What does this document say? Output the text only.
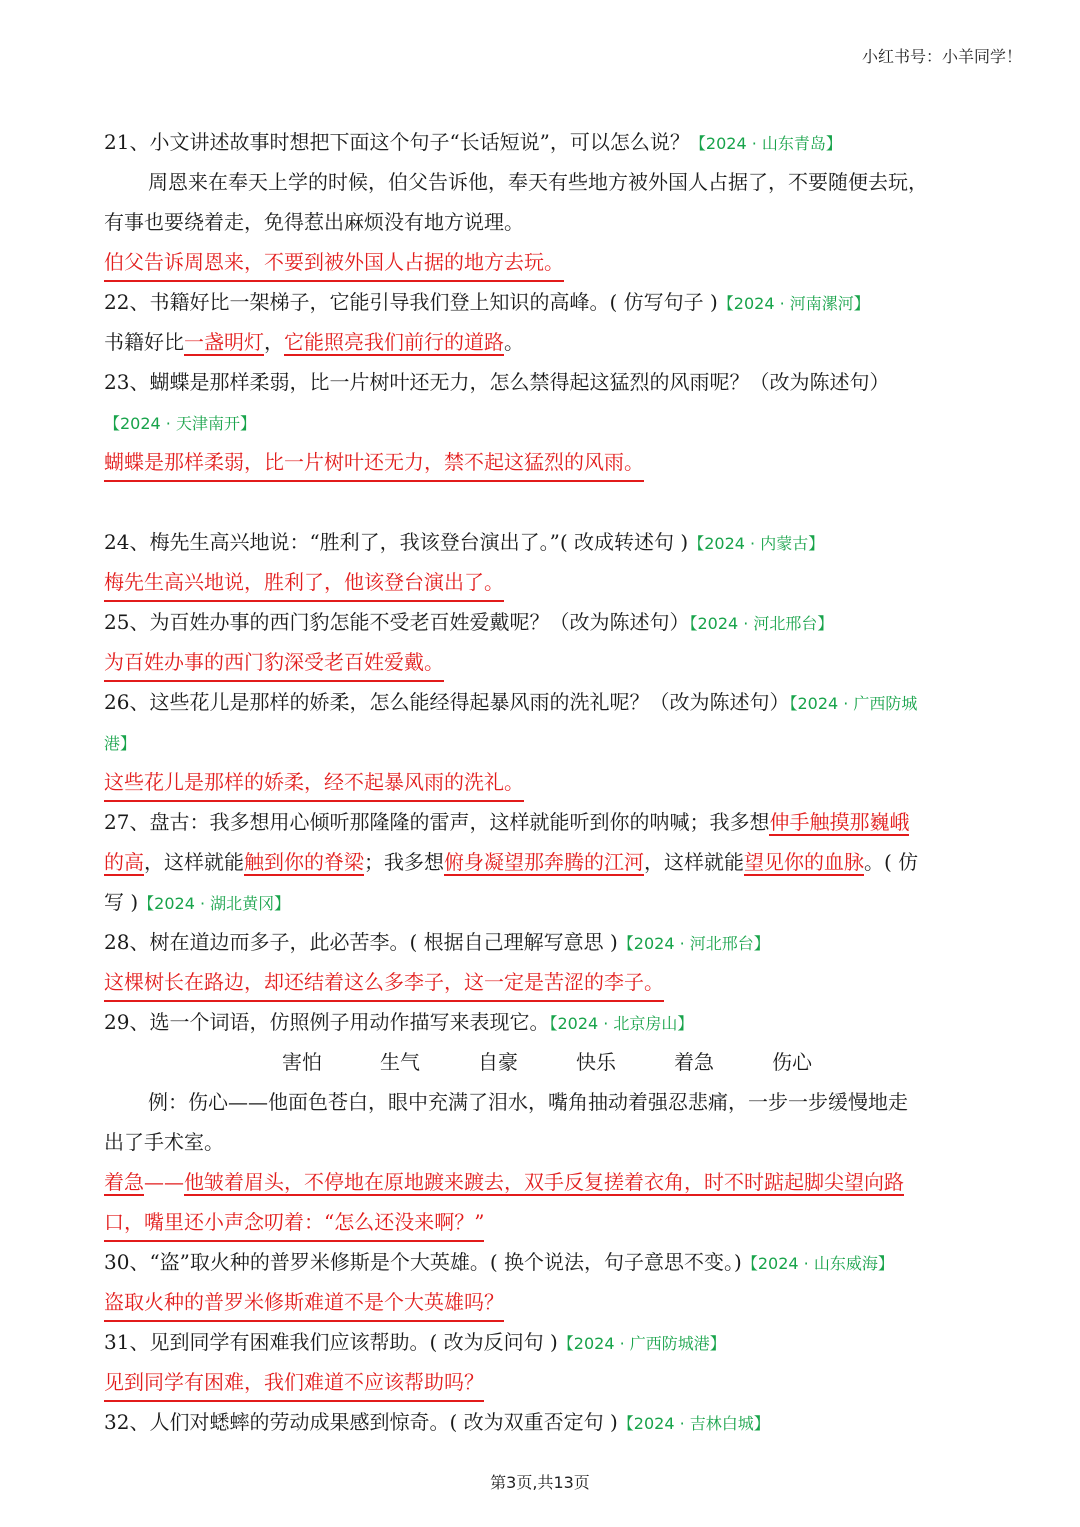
小红书号：小羊同学！
21、小文讲述故事时想把下面这个句子“长话短说”，可以怎么说？【2024 · 山东青岛】
周恩来在奉天上学的时候，伯父告诉他，奉天有些地方被外国人占据了，不要随便去玩，
有事也要绕着走，免得惹出麻烦没有地方说理。
伯父告诉周恩来，不要到被外国人占据的地方去玩。
22、书籍好比一架梯子，它能引导我们登上知识的高峰。( 仿写句子 )【2024 · 河南漯河】
书籍好比一盏明灯，它能照亮我们前行的道路。
23、蝴蝶是那样柔弱，比一片树叶还无力，怎么禁得起这猛烈的风雨呢？（改为陈述句）
【2024 · 天津南开】
蝴蝶是那样柔弱，比一片树叶还无力，禁不起这猛烈的风雨。
24、梅先生高兴地说：“胜利了，我该登台演出了。”( 改成转述句 )【2024 · 内蒙古】
梅先生高兴地说，胜利了，他该登台演出了。
25、为百姓办事的西门豹怎能不受老百姓爱戴呢？（改为陈述句）【2024 · 河北邢台】
为百姓办事的西门豹深受老百姓爱戴。
26、这些花儿是那样的娇柔，怎么能经得起暴风雨的洗礼呢？（改为陈述句）【2024 · 广西防城
港】
这些花儿是那样的娇柔，经不起暴风雨的洗礼。
27、盘古：我多想用心倾听那隆隆的雷声，这样就能听到你的呐喊；我多想伸手触摸那巍峨
的高，这样就能触到你的脊梁；我多想俯身凝望那奔腾的江河，这样就能望见你的血脉。( 仿
写 )【2024 · 湖北黄冈】
28、树在道边而多子，此必苦李。( 根据自己理解写意思 )【2024 · 河北邢台】
这棵树长在路边，却还结着这么多李子，这一定是苦涩的李子。
29、选一个词语，仿照例子用动作描写来表现它。【2024 · 北京房山】
害怕	生气	自豪	快乐	着急	伤心
例：伤心——他面色苍白，眼中充满了泪水，嘴角抽动着强忍悲痛，一步一步缓慢地走
出了手术室。
着急——他皱着眉头，不停地在原地踱来踱去，双手反复搓着衣角，时不时踮起脚尖望向路
口，嘴里还小声念叨着：“怎么还没来啊？”
30、“盗”取火种的普罗米修斯是个大英雄。( 换个说法，句子意思不变。)【2024 · 山东威海】
盗取火种的普罗米修斯难道不是个大英雄吗？
31、见到同学有困难我们应该帮助。( 改为反问句 )【2024 · 广西防城港】
见到同学有困难，我们难道不应该帮助吗？
32、人们对蟋蟀的劳动成果感到惊奇。( 改为双重否定句 )【2024 · 吉林白城】
第3页,共13页
